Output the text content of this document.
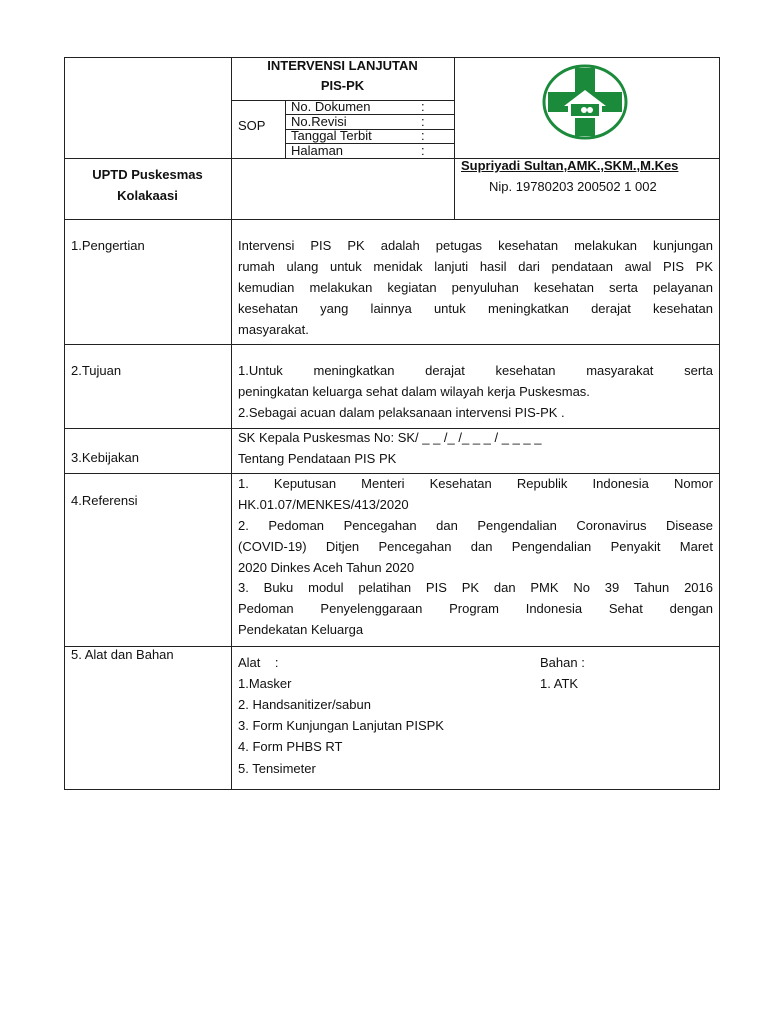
INTERVENSI LANJUTAN
PIS-PK
SOP
No. Dokumen	:
No.Revisi	:
Tanggal Terbit	:
Halaman	:
UPTD Puskesmas
Kolakaasi
Supriyadi Sultan,AMK.,SKM.,M.Kes
Nip. 19780203 200502 1 002
1.Pengertian	Intervensi PIS PK adalah petugas kesehatan melakukan kunjungan
rumah ulang untuk menidak lanjuti hasil dari pendataan awal PIS PK
kemudian melakukan kegiatan penyuluhan kesehatan serta pelayanan
kesehatan yang lainnya untuk meningkatkan derajat kesehatan
masyarakat.
2.Tujuan	1.Untuk meningkatkan derajat kesehatan masyarakat serta
peningkatan keluarga sehat dalam wilayah kerja Puskesmas.
2.Sebagai acuan dalam pelaksanaan intervensi PIS-PK .
3.Kebijakan
SK Kepala Puskesmas No: SK/ _ _ /_ /_ _ _ / _ _ _ _
Tentang Pendataan PIS PK
4.Referensi
1. Keputusan Menteri Kesehatan Republik Indonesia Nomor
HK.01.07/MENKES/413/2020
2. Pedoman Pencegahan dan Pengendalian Coronavirus Disease
(COVID-19) Ditjen Pencegahan dan Pengendalian Penyakit Maret
2020 Dinkes Aceh Tahun 2020
3. Buku modul pelatihan PIS PK dan PMK No 39 Tahun 2016
Pedoman Penyelenggaraan Program Indonesia Sehat dengan
Pendekatan Keluarga
5. Alat dan Bahan
Alat    :
1.Masker
2. Handsanitizer/sabun
3. Form Kunjungan Lanjutan PISPK
4. Form PHBS RT
5. Tensimeter
Bahan :
1. ATK
